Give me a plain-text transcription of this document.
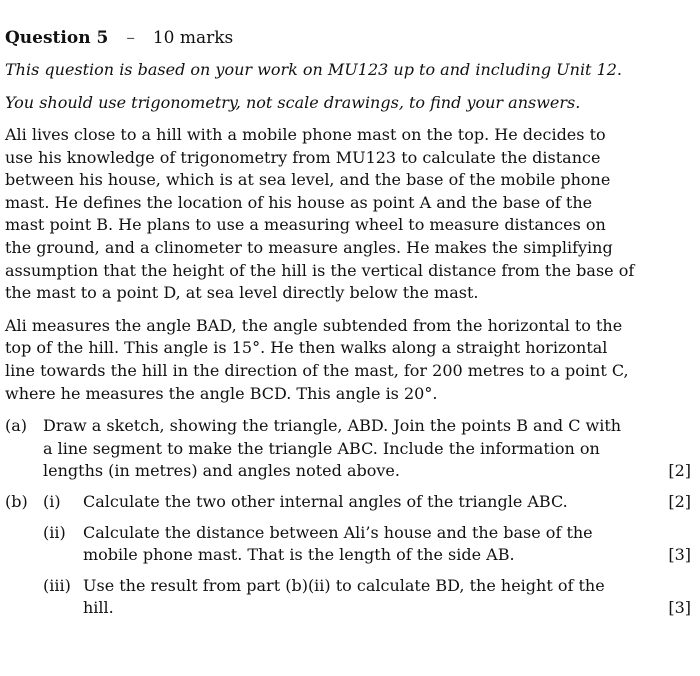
Question 5 – 10 marks
This question is based on your work on MU123 up to and including Unit 12.
You should use trigonometry, not scale drawings, to find your answers.

Ali lives close to a hill with a mobile phone mast on the top. He decides to use his knowledge of trigonometry from MU123 to calculate the distance between his house, which is at sea level, and the base of the mobile phone mast. He defines the location of his house as point A and the base of the mast point B. He plans to use a measuring wheel to measure distances on the ground, and a clinometer to measure angles. He makes the simplifying assumption that the height of the hill is the vertical distance from the base of the mast to a point D, at sea level directly below the mast.

Ali measures the angle BAD, the angle subtended from the horizontal to the top of the hill. This angle is 15°. He then walks along a straight horizontal line towards the hill in the direction of the mast, for 200 metres to a point C, where he measures the angle BCD. This angle is 20°.

(a) Draw a sketch, showing the triangle, ABD. Join the points B and C with a line segment to make the triangle ABC. Include the information on lengths (in metres) and angles noted above.	[2]
(b) (i) Calculate the two other internal angles of the triangle ABC.	[2]
(ii) Calculate the distance between Ali’s house and the base of the mobile phone mast. That is the length of the side AB.	[3]
(iii) Use the result from part (b)(ii) to calculate BD, the height of the hill.	[3]
